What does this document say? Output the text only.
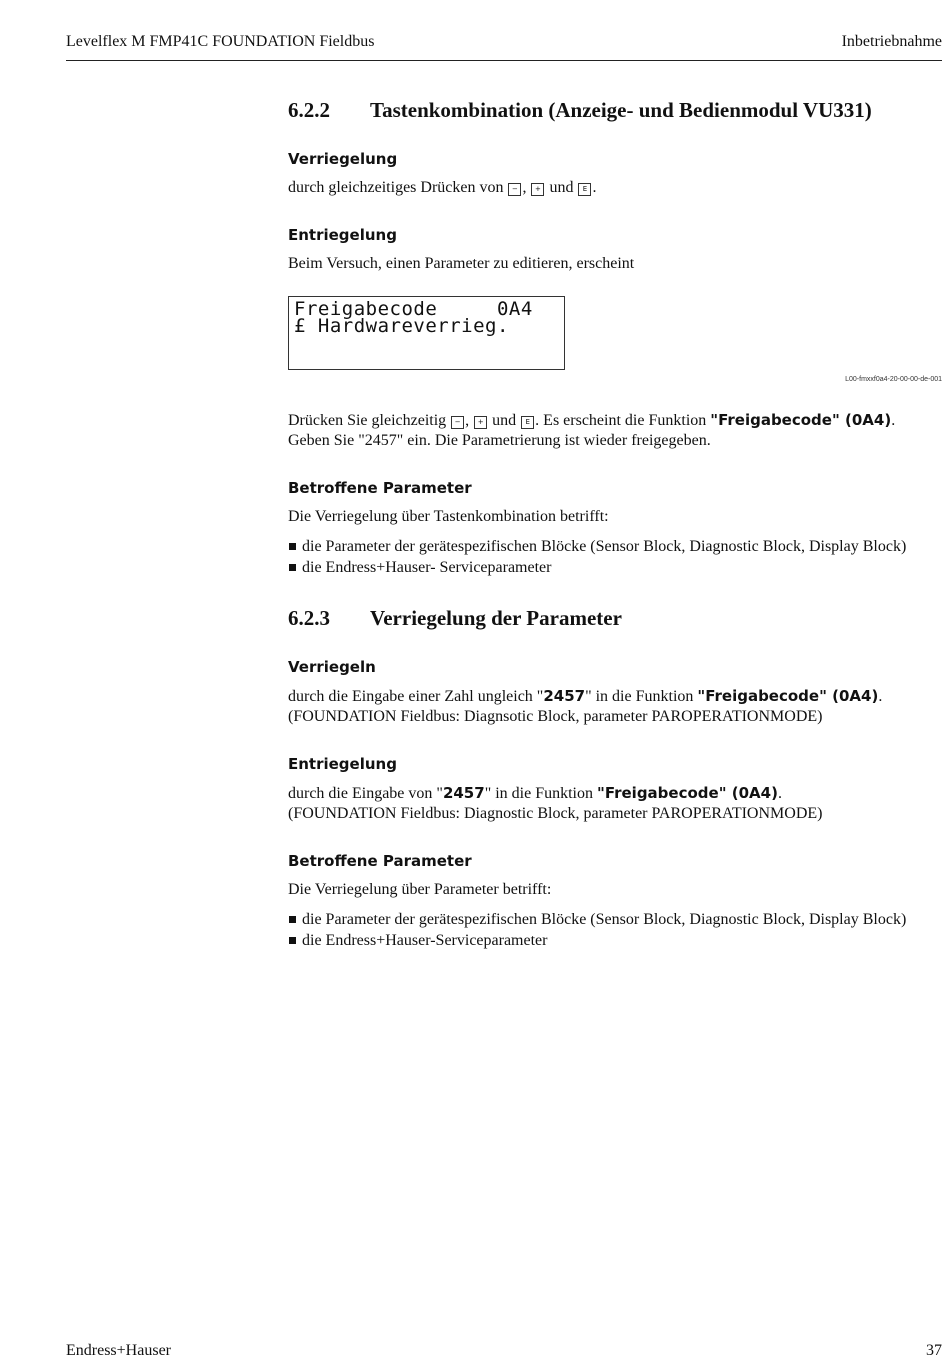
Levelflex M FMP41C FOUNDATION Fieldbus	Inbetriebnahme
6.2.2 Tastenkombination (Anzeige- und Bedienmodul VU331)
Verriegelung

durch gleichzeitiges Drücken von − , + und E .

Entriegelung

Beim Versuch, einen Parameter zu editieren, erscheint

Freigabecode     0A4
£ Hardwareverrieg.
L00-fmxxf0a4-20-00-00-de-001

Drücken Sie gleichzeitig − , + und E . Es erscheint die Funktion "Freigabecode" (0A4).

Geben Sie "2457" ein. Die Parametrierung ist wieder freigegeben.

Betroffene Parameter

Die Verriegelung über Tastenkombination betrifft:

die Parameter der gerätespezifischen Blöcke (Sensor Block, Diagnostic Block, Display Block)
die Endress+Hauser- Serviceparameter
6.2.3 Verriegelung der Parameter
Verriegeln

durch die Eingabe einer Zahl ungleich "2457" in die Funktion "Freigabecode" (0A4).

(FOUNDATION Fieldbus: Diagnsotic Block, parameter PAROPERATIONMODE)

Entriegelung

durch die Eingabe von "2457" in die Funktion "Freigabecode" (0A4).

(FOUNDATION Fieldbus: Diagnostic Block, parameter PAROPERATIONMODE)

Betroffene Parameter

Die Verriegelung über Parameter betrifft:

die Parameter der gerätespezifischen Blöcke (Sensor Block, Diagnostic Block, Display Block)
die Endress+Hauser-Serviceparameter
Endress+Hauser	37
